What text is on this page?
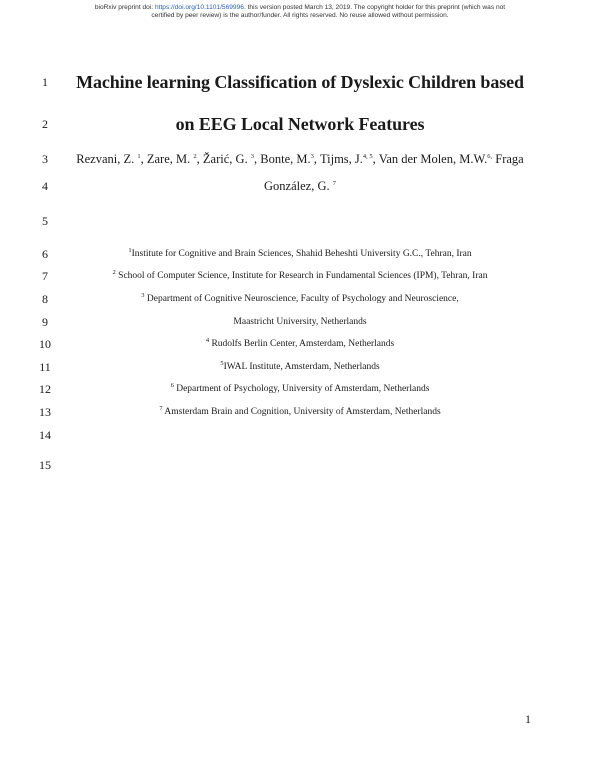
bioRxiv preprint doi: https://doi.org/10.1101/569996. this version posted March 13, 2019. The copyright holder for this preprint (which was not
certified by peer review) is the author/funder. All rights reserved. No reuse allowed without permission.
1
2
3
4
5
6
7
8
9
10
11
12
13
14
15
Machine learning Classification of Dyslexic Children based
on EEG Local Network Features
Rezvani, Z. $^1$, Zare, M. $^2$, Žarić, G. $^3$, Bonte, M.$^3$, Tijms, J.$^{4, 5}$, Van der Molen, M.W.$^{6,}$ Fraga
González, G. $^7$
$^1$Institute for Cognitive and Brain Sciences, Shahid Beheshti University G.C., Tehran, Iran
$^2$ School of Computer Science, Institute for Research in Fundamental Sciences (IPM), Tehran, Iran
$^3$ Department of Cognitive Neuroscience, Faculty of Psychology and Neuroscience,
Maastricht University, Netherlands
$^4$ Rudolfs Berlin Center, Amsterdam, Netherlands
$^5$IWAL Institute, Amsterdam, Netherlands
$^6$ Department of Psychology, University of Amsterdam, Netherlands
$^7$ Amsterdam Brain and Cognition, University of Amsterdam, Netherlands
1
